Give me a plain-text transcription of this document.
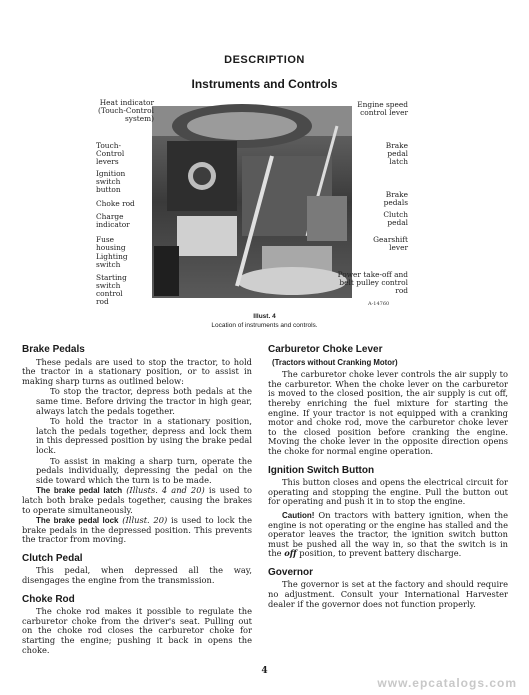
DESCRIPTION
Instruments and Controls
Heat indicator (Touch-Control system)
Touch-Control levers
Ignition switch button
Choke rod
Charge indicator
Fuse housing
Lighting switch
Starting switch control rod
Engine speed control lever
Brake pedal latch
Brake pedals
Clutch pedal
Gearshift lever
Power take-off and belt pulley control rod
A-14760
Illust. 4
Location of instruments and controls.
Brake Pedals

These pedals are used to stop the tractor, to hold the tractor in a stationary position, or to assist in making sharp turns as outlined below:

To stop the tractor, depress both pedals at the same time. Before driving the tractor in high gear, always latch the pedals together.

To hold the tractor in a stationary position, latch the pedals together, depress and lock them in this depressed position by using the brake pedal lock.

To assist in making a sharp turn, operate the pedals individually, depressing the pedal on the side toward which the turn is to be made.

The brake pedal latch (Illusts. 4 and 20) is used to latch both brake pedals together, causing the brakes to operate simultaneously.

The brake pedal lock (Illust. 20) is used to lock the brake pedals in the depressed position. This prevents the tractor from moving.

Clutch Pedal

This pedal, when depressed all the way, disengages the engine from the transmission.

Choke Rod

The choke rod makes it possible to regulate the carburetor choke from the driver's seat. Pulling out on the choke rod closes the carburetor choke for starting the engine; pushing it back in opens the choke.

Carburetor Choke Lever
(Tractors without Cranking Motor)

The carburetor choke lever controls the air supply to the carburetor. When the choke lever on the carburetor is moved to the closed position, the air supply is cut off, thereby enriching the fuel mixture for starting the engine. If your tractor is not equipped with a cranking motor and choke rod, move the carburetor choke lever to the closed position before cranking the engine. Moving the choke lever in the opposite direction opens the choke for normal engine operation.

Ignition Switch Button

This button closes and opens the electrical circuit for operating and stopping the engine. Pull the button out for operating and push it in to stop the engine.

Caution! On tractors with battery ignition, when the engine is not operating or the engine has stalled and the operator leaves the tractor, the ignition switch button must be pushed all the way in, so that the switch is in the off position, to prevent battery discharge.

Governor

The governor is set at the factory and should require no adjustment. Consult your International Harvester dealer if the governor does not function properly.

4
www.epcatalogs.com
